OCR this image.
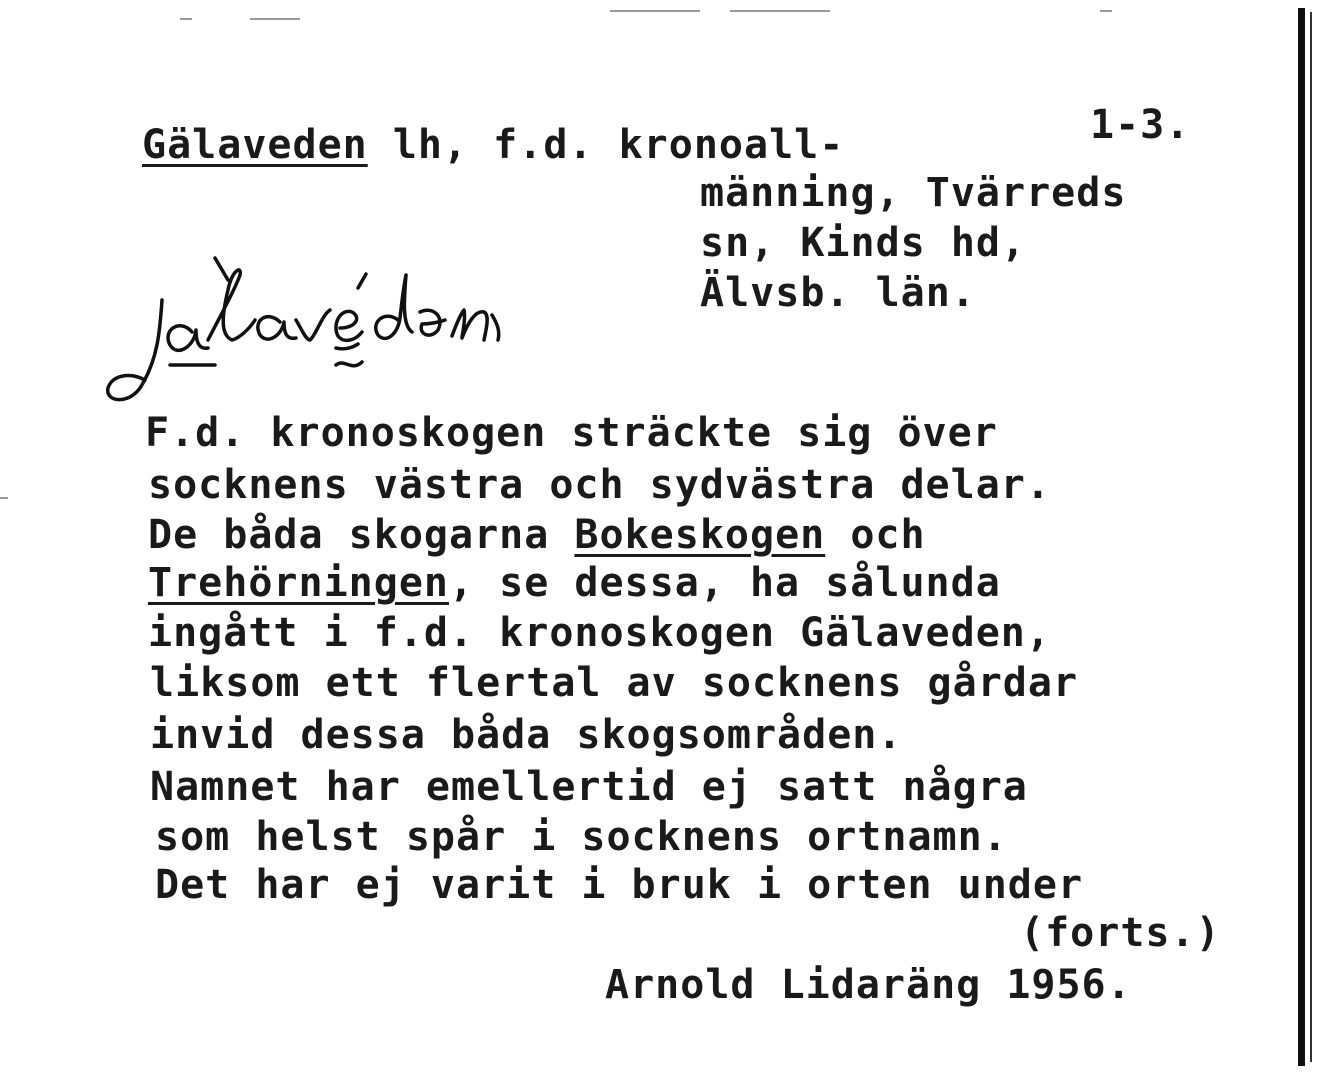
1-3.
Gälaveden lh, f.d. kronoall-
männing, Tvärreds
sn, Kinds hd,
Älvsb. län.
F.d. kronoskogen sträckte sig över
socknens västra och sydvästra delar.
De båda skogarna Bokeskogen och
Trehörningen, se dessa, ha sålunda
ingått i f.d. kronoskogen Gälaveden,
liksom ett flertal av socknens gårdar
invid dessa båda skogsområden.
Namnet har emellertid ej satt några
som helst spår i socknens ortnamn.
Det har ej varit i bruk i orten under
(forts.)
Arnold Lidaräng 1956.
